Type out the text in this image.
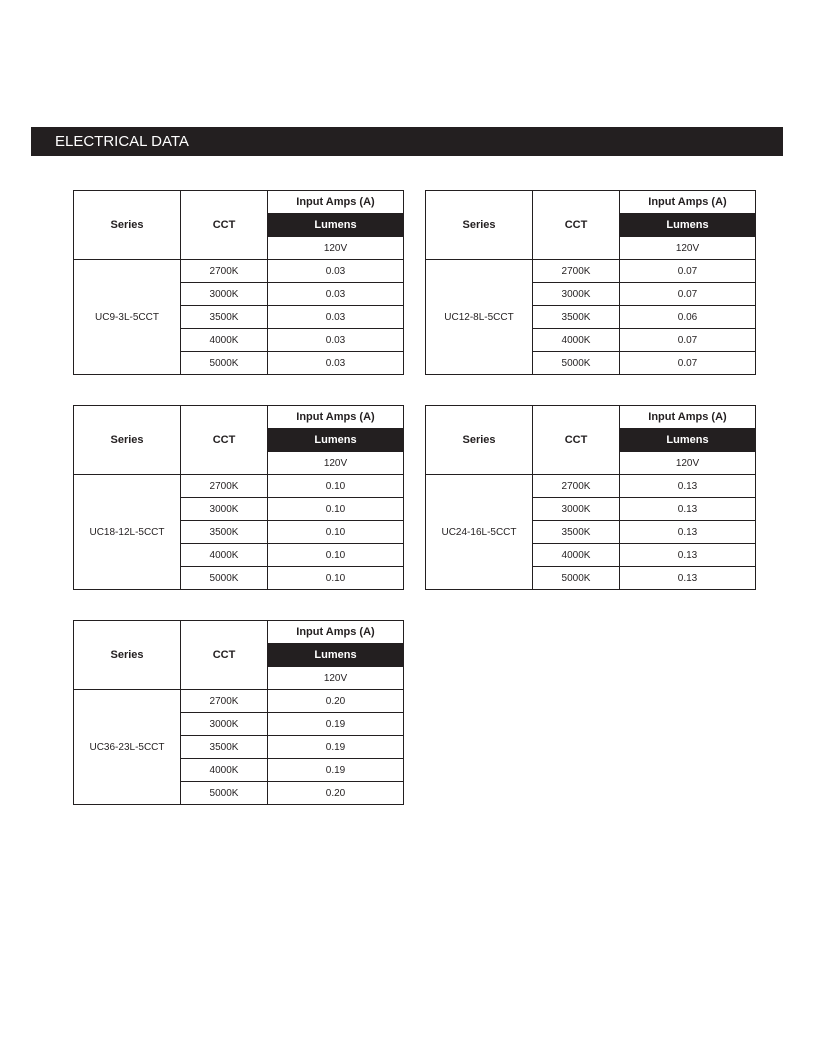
ELECTRICAL DATA
Series	CCT	Input Amps (A)
		Lumens
		120V
UC9-3L-5CCT	2700K	0.03
	3000K	0.03
	3500K	0.03
	4000K	0.03
	5000K	0.03
Series	CCT	Input Amps (A)
		Lumens
		120V
UC12-8L-5CCT	2700K	0.07
	3000K	0.07
	3500K	0.06
	4000K	0.07
	5000K	0.07
Series	CCT	Input Amps (A)
		Lumens
		120V
UC18-12L-5CCT	2700K	0.10
	3000K	0.10
	3500K	0.10
	4000K	0.10
	5000K	0.10
Series	CCT	Input Amps (A)
		Lumens
		120V
UC24-16L-5CCT	2700K	0.13
	3000K	0.13
	3500K	0.13
	4000K	0.13
	5000K	0.13
Series	CCT	Input Amps (A)
		Lumens
		120V
UC36-23L-5CCT	2700K	0.20
	3000K	0.19
	3500K	0.19
	4000K	0.19
	5000K	0.20
